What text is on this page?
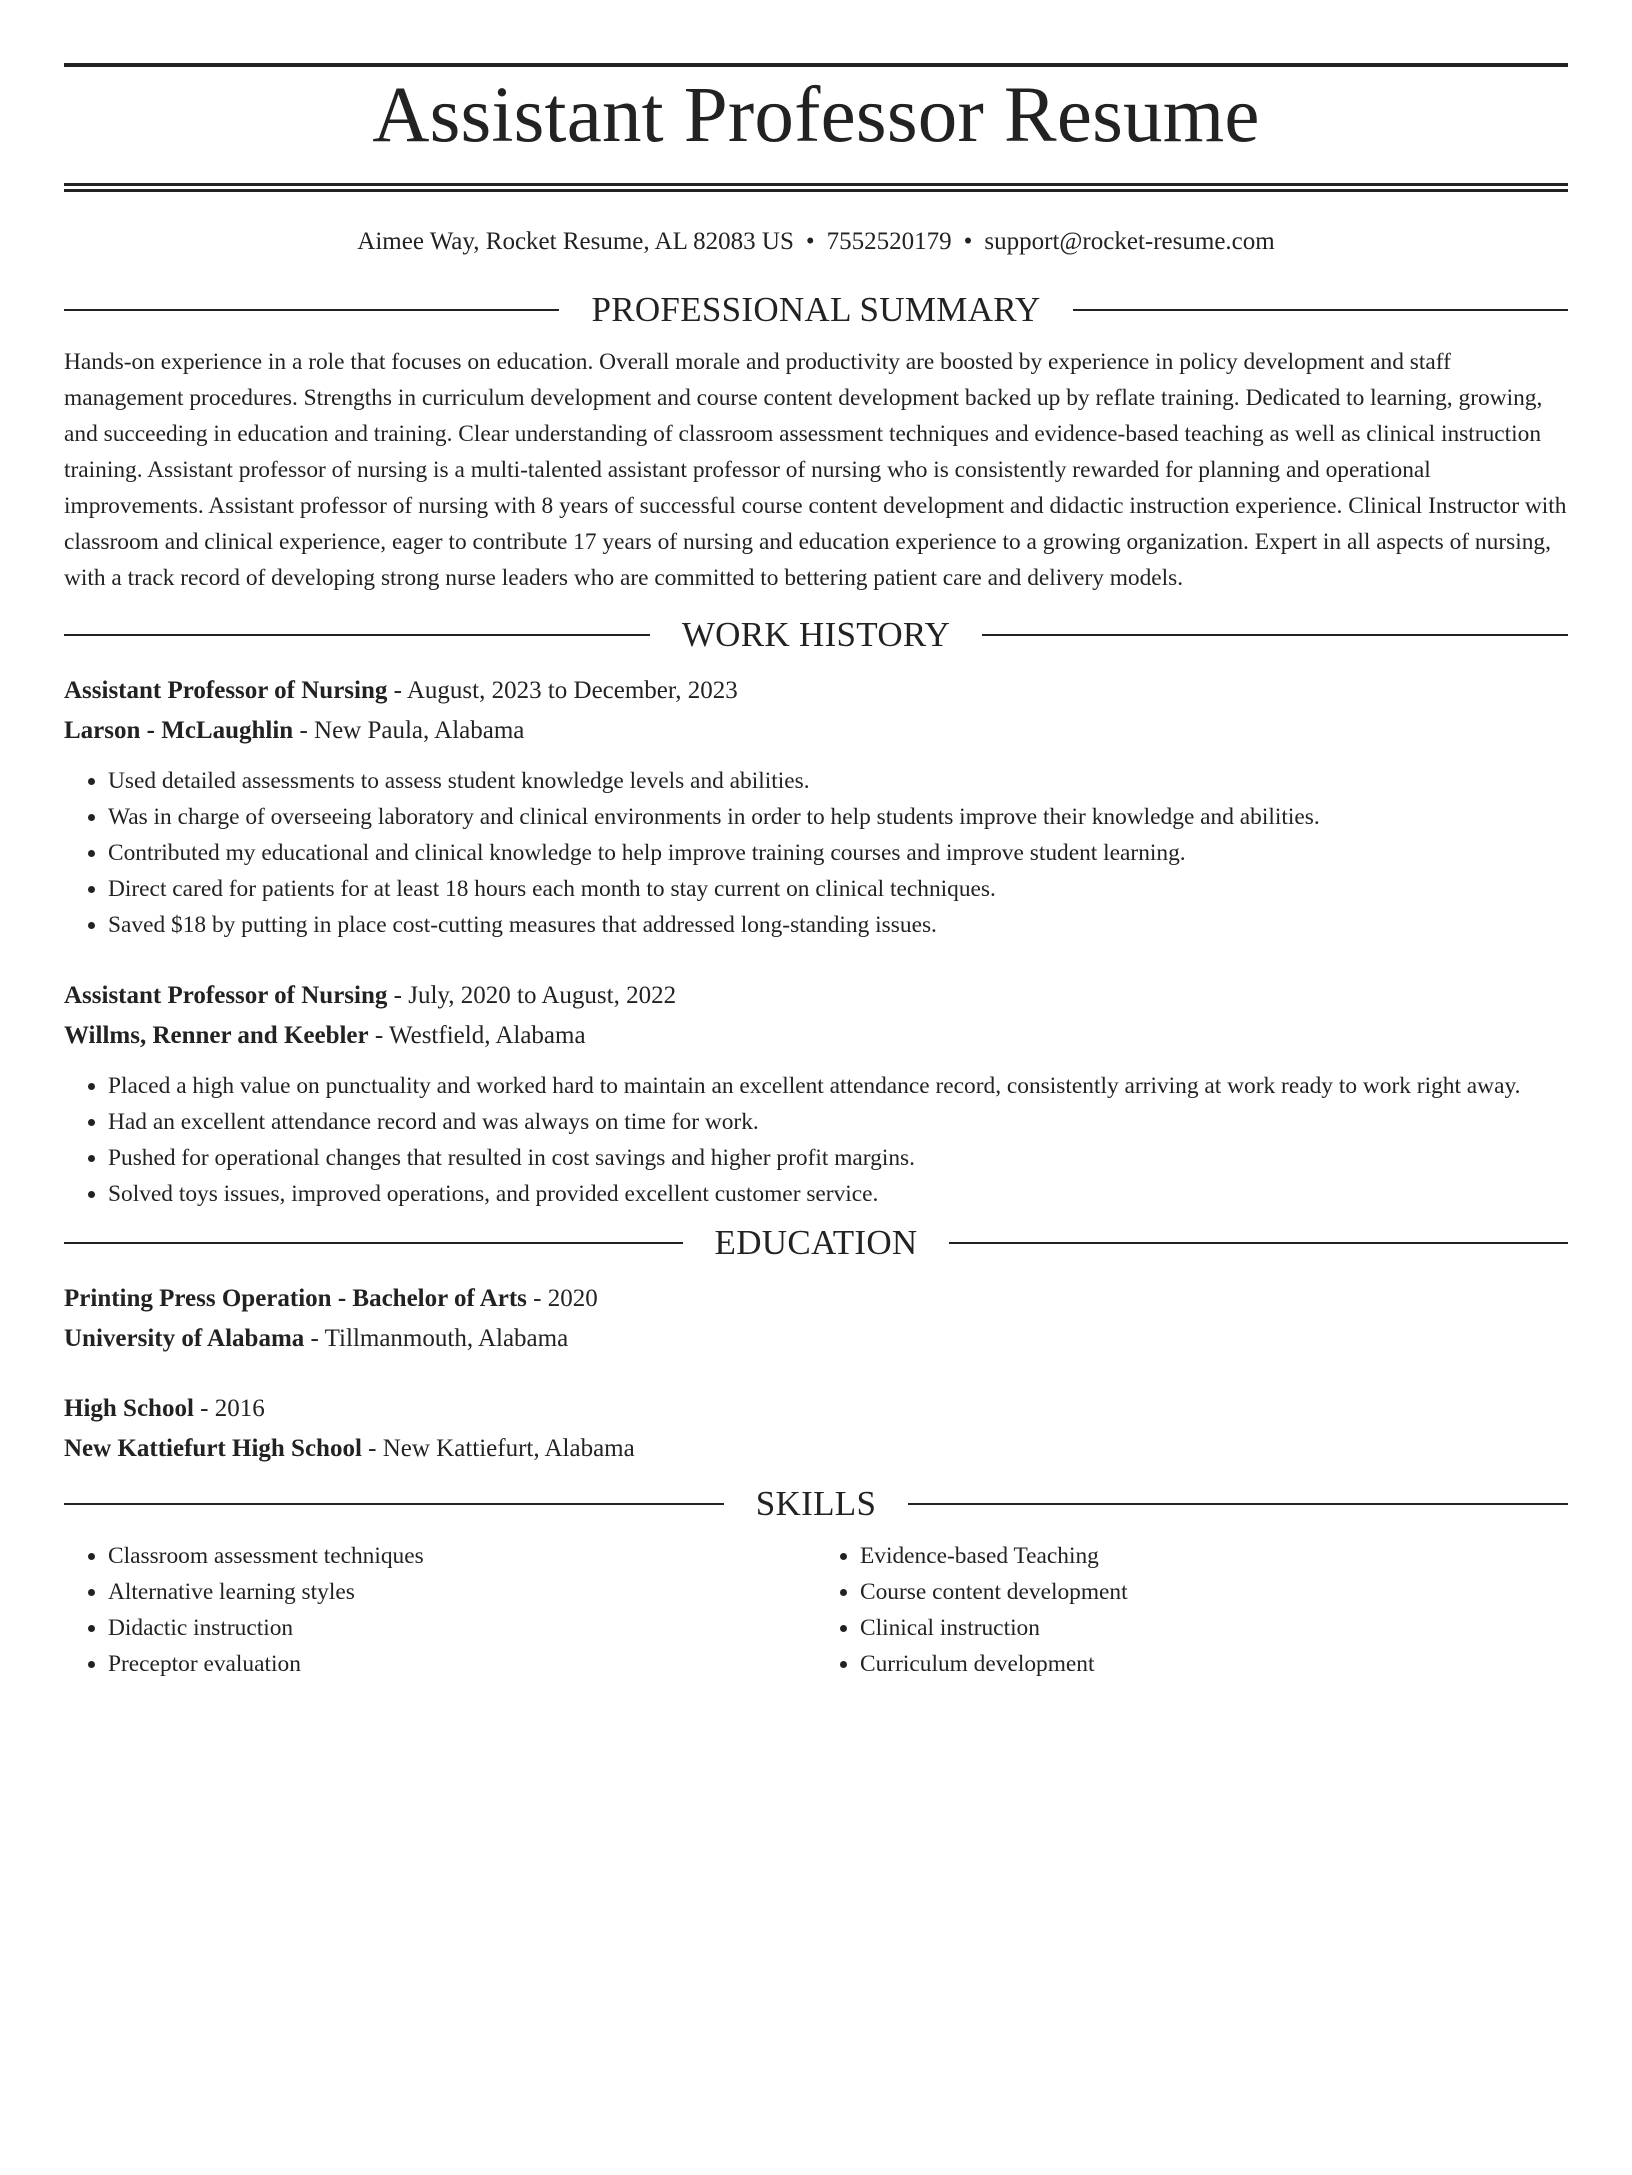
Assistant Professor Resume
Aimee Way, Rocket Resume, AL 82083 US • 7552520179 • support@rocket-resume.com
PROFESSIONAL SUMMARY
Hands-on experience in a role that focuses on education. Overall morale and productivity are boosted by experience in policy development and staff management procedures. Strengths in curriculum development and course content development backed up by reflate training. Dedicated to learning, growing, and succeeding in education and training. Clear understanding of classroom assessment techniques and evidence-based teaching as well as clinical instruction training. Assistant professor of nursing is a multi-talented assistant professor of nursing who is consistently rewarded for planning and operational improvements. Assistant professor of nursing with 8 years of successful course content development and didactic instruction experience. Clinical Instructor with classroom and clinical experience, eager to contribute 17 years of nursing and education experience to a growing organization. Expert in all aspects of nursing, with a track record of developing strong nurse leaders who are committed to bettering patient care and delivery models.
WORK HISTORY
Assistant Professor of Nursing - August, 2023 to December, 2023
Larson - McLaughlin - New Paula, Alabama
• Used detailed assessments to assess student knowledge levels and abilities.
• Was in charge of overseeing laboratory and clinical environments in order to help students improve their knowledge and abilities.
• Contributed my educational and clinical knowledge to help improve training courses and improve student learning.
• Direct cared for patients for at least 18 hours each month to stay current on clinical techniques.
• Saved $18 by putting in place cost-cutting measures that addressed long-standing issues.
Assistant Professor of Nursing - July, 2020 to August, 2022
Willms, Renner and Keebler - Westfield, Alabama
• Placed a high value on punctuality and worked hard to maintain an excellent attendance record, consistently arriving at work ready to work right away.
• Had an excellent attendance record and was always on time for work.
• Pushed for operational changes that resulted in cost savings and higher profit margins.
• Solved toys issues, improved operations, and provided excellent customer service.
EDUCATION
Printing Press Operation - Bachelor of Arts - 2020
University of Alabama - Tillmanmouth, Alabama
High School - 2016
New Kattiefurt High School - New Kattiefurt, Alabama
SKILLS
• Classroom assessment techniques
• Alternative learning styles
• Didactic instruction
• Preceptor evaluation
• Evidence-based Teaching
• Course content development
• Clinical instruction
• Curriculum development
